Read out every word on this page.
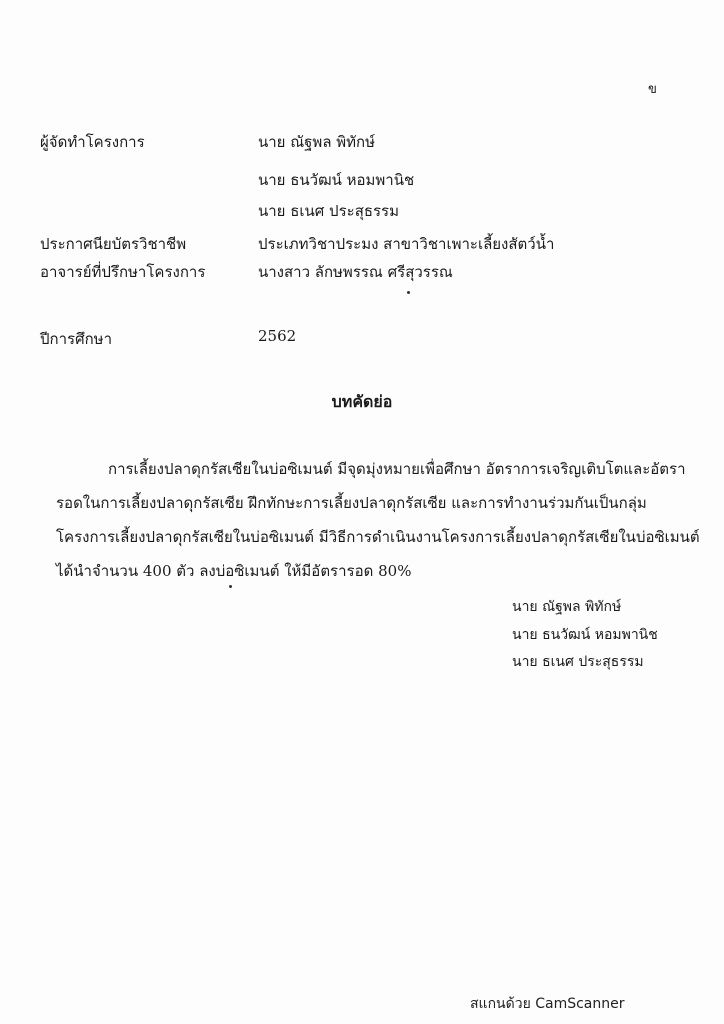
ข
ผู้จัดทำโครงการ	นาย ณัฐพล พิทักษ์
นาย ธนวัฒน์ หอมพานิช
นาย ธเนศ ประสุธรรม
ประกาศนียบัตรวิชาชีพ	ประเภทวิชาประมง สาขาวิชาเพาะเลี้ยงสัตว์น้ำ
อาจารย์ที่ปรึกษาโครงการ	นางสาว ลักษพรรณ ศรีสุวรรณ
ปีการศึกษา	2562
บทคัดย่อ
การเลี้ยงปลาดุกรัสเซียในบ่อซิเมนต์ มีจุดมุ่งหมายเพื่อศึกษา อัตราการเจริญเติบโตและอัตรา
รอดในการเลี้ยงปลาดุกรัสเซีย ฝึกทักษะการเลี้ยงปลาดุกรัสเซีย และการทำงานร่วมกันเป็นกลุ่ม
โครงการเลี้ยงปลาดุกรัสเซียในบ่อซิเมนต์ มีวิธีการดำเนินงานโครงการเลี้ยงปลาดุกรัสเซียในบ่อซิเมนต์
ได้นำจำนวน 400 ตัว ลงบ่อซิเมนต์ ให้มีอัตรารอด 80%
นาย ณัฐพล พิทักษ์
นาย ธนวัฒน์ หอมพานิช
นาย ธเนศ ประสุธรรม
สแกนด้วย CamScanner
